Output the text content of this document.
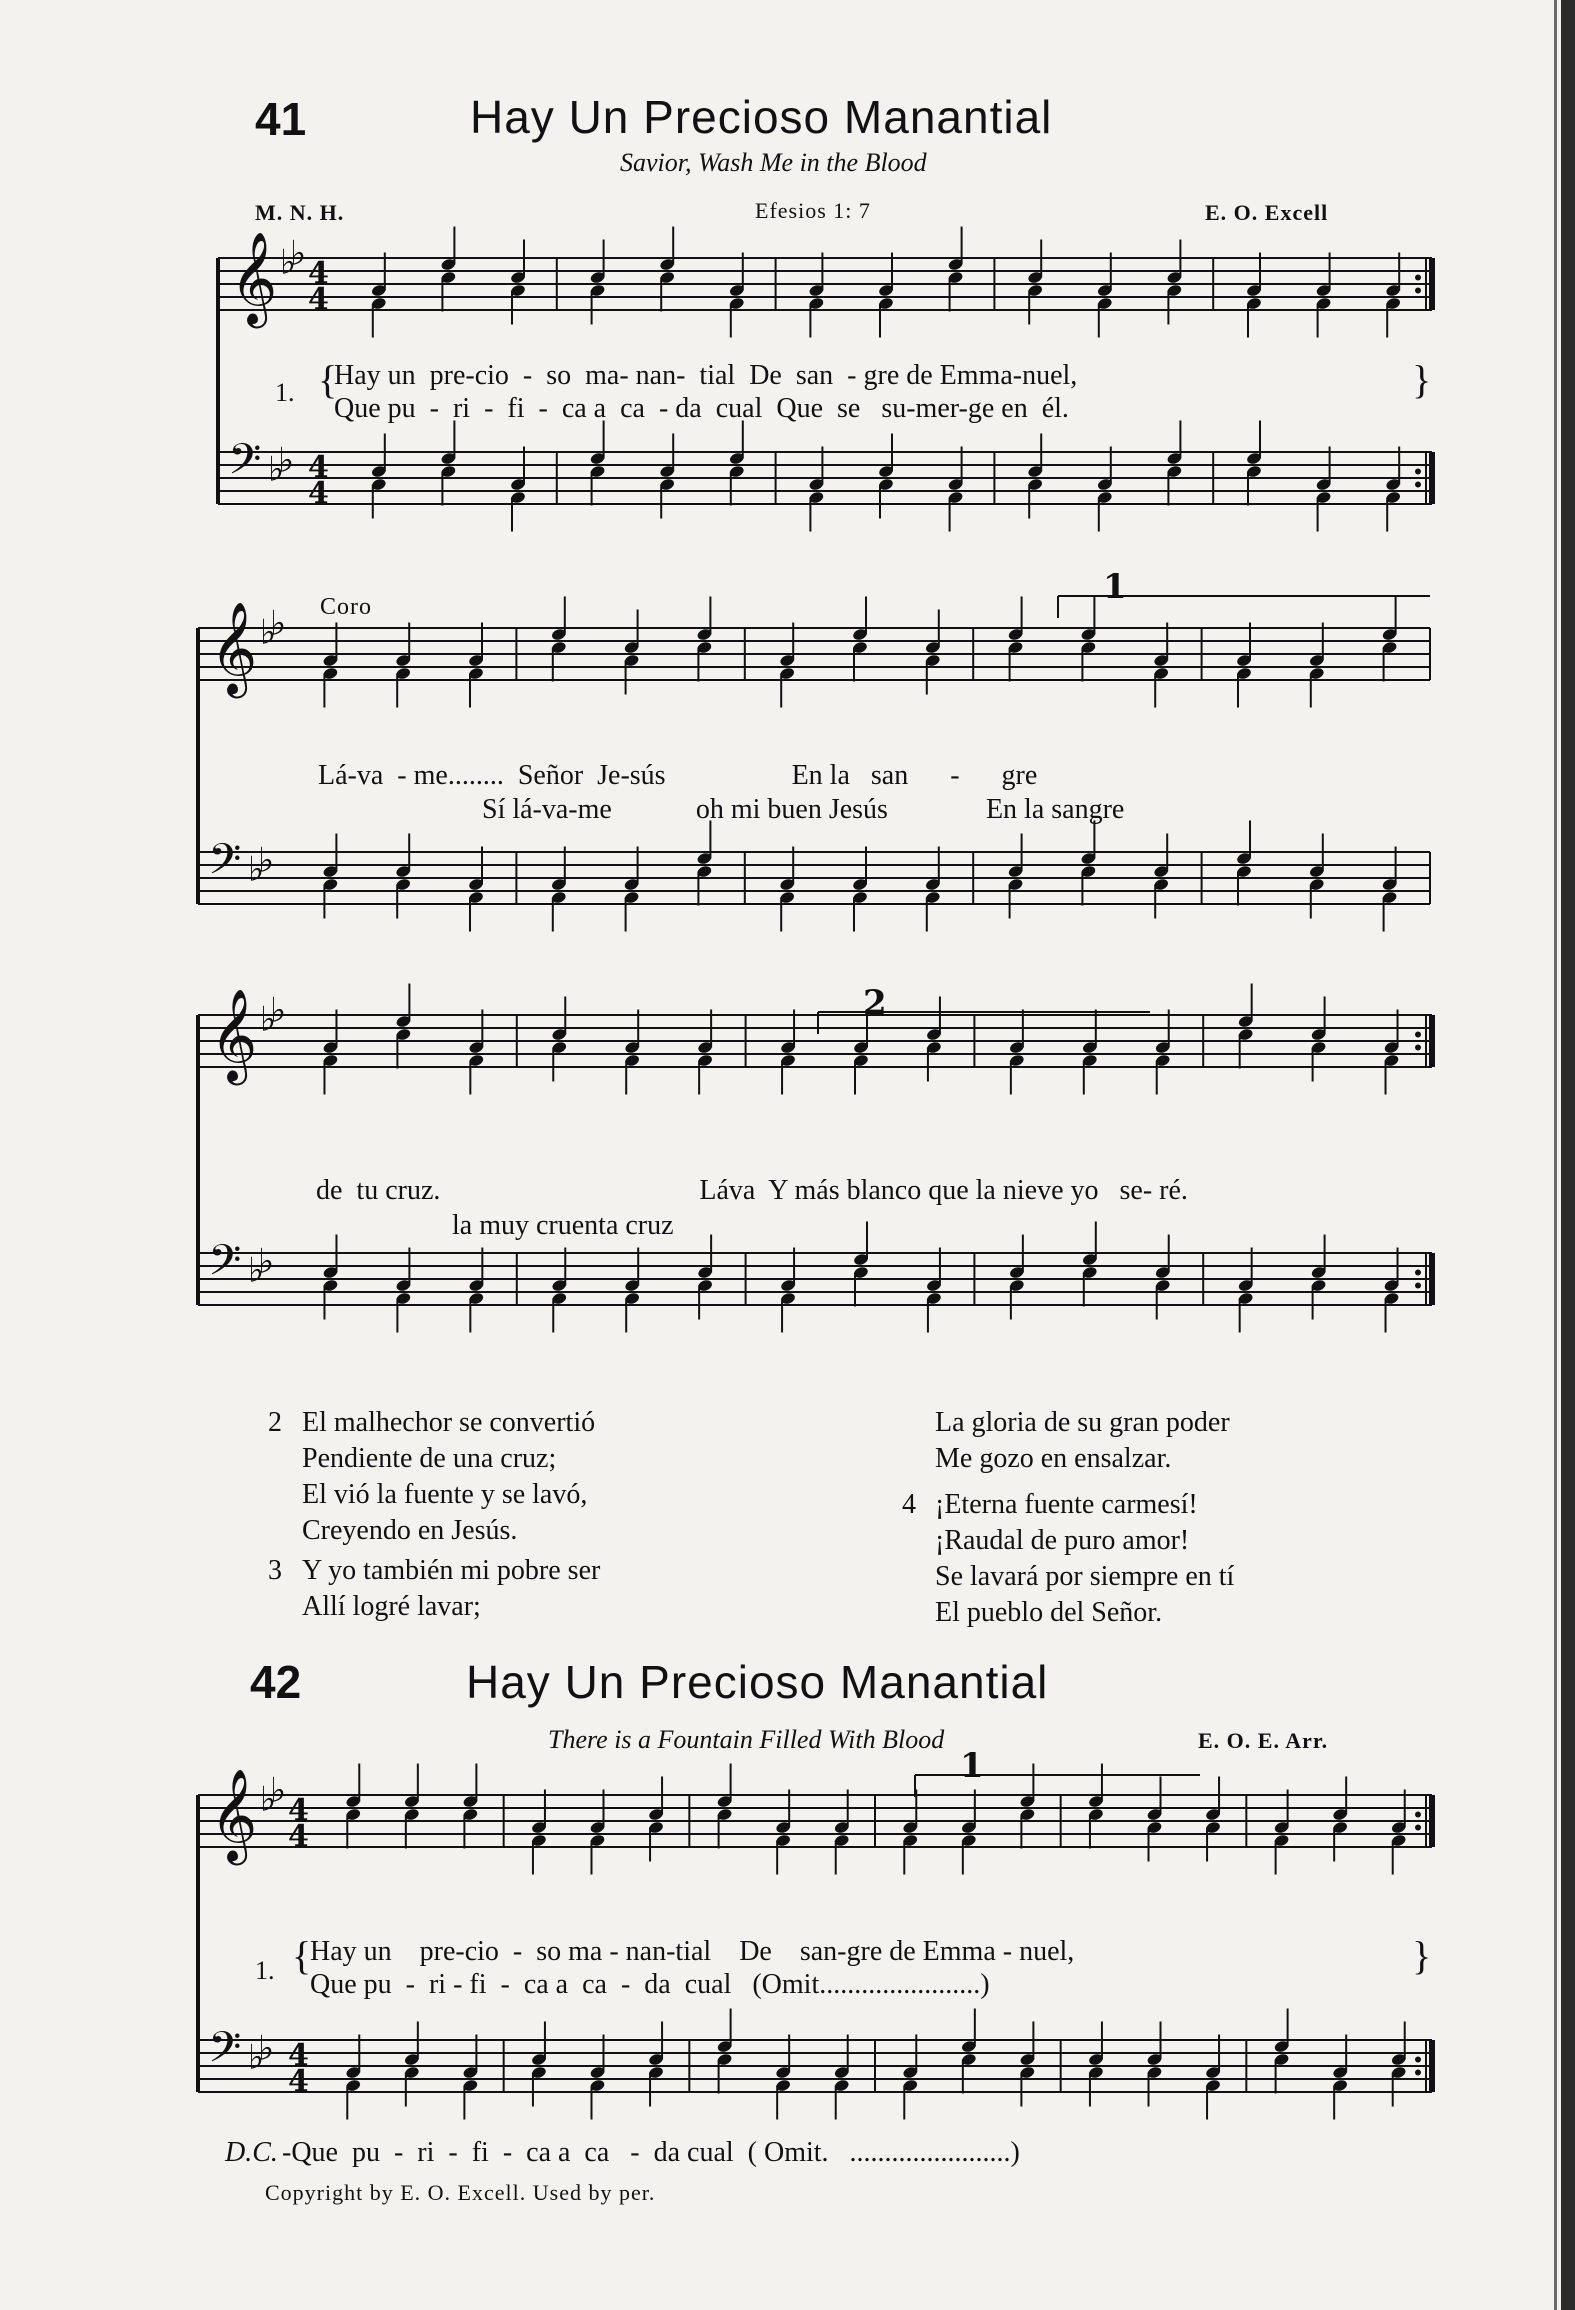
41	Hay Un Precioso Manantial
Savior, Wash Me in the Blood
M. N. H.	Efesios 1: 7	E. O. Excell
𝄞
𝄢
♭
♭
♭
♭
4
4
4
4
𝄞
𝄢
♭
♭
♭
♭
1
𝄞
𝄢
♭
♭
♭
♭
2
𝄞
𝄢
♭
♭
♭
♭
4
4
4
4
1
1. {
Hay un  pre-cio  -  so  ma- nan-  tial  De  san  - gre de Emma-nuel,
Que pu  -  ri  -  fi  -  ca a  ca  - da  cual  Que  se   su-mer-ge en  él.
}
Coro
Lá-va  - me........  Señor  Je-sús                  En la   san      -      gre
Sí lá-va-me            oh mi buen Jesús              En la sangre
de  tu cruz.                                     Láva  Y más blanco que la nieve yo   se- ré.
la muy cruenta cruz
2 El malhechor se convertió
Pendiente de una cruz;
El vió la fuente y se lavó,
Creyendo en Jesús.
3 Y yo también mi pobre ser
Allí logré lavar;
La gloria de su gran poder
Me gozo en ensalzar.
4 ¡Eterna fuente carmesí!
¡Raudal de puro amor!
Se lavará por siempre en tí
El pueblo del Señor.
42	Hay Un Precioso Manantial
There is a Fountain Filled With Blood	E. O. E. Arr.
1. {
Hay un    pre-cio  -  so ma - nan-tial    De    san-gre de Emma - nuel,
Que pu  -  ri - fi  -  ca a  ca  -  da  cual   (Omit.......................)
}
D.C. -Que  pu  -  ri  -  fi  -  ca a  ca   -  da cual  ( Omit.   .......................)
Copyright by E. O. Excell. Used by per.
